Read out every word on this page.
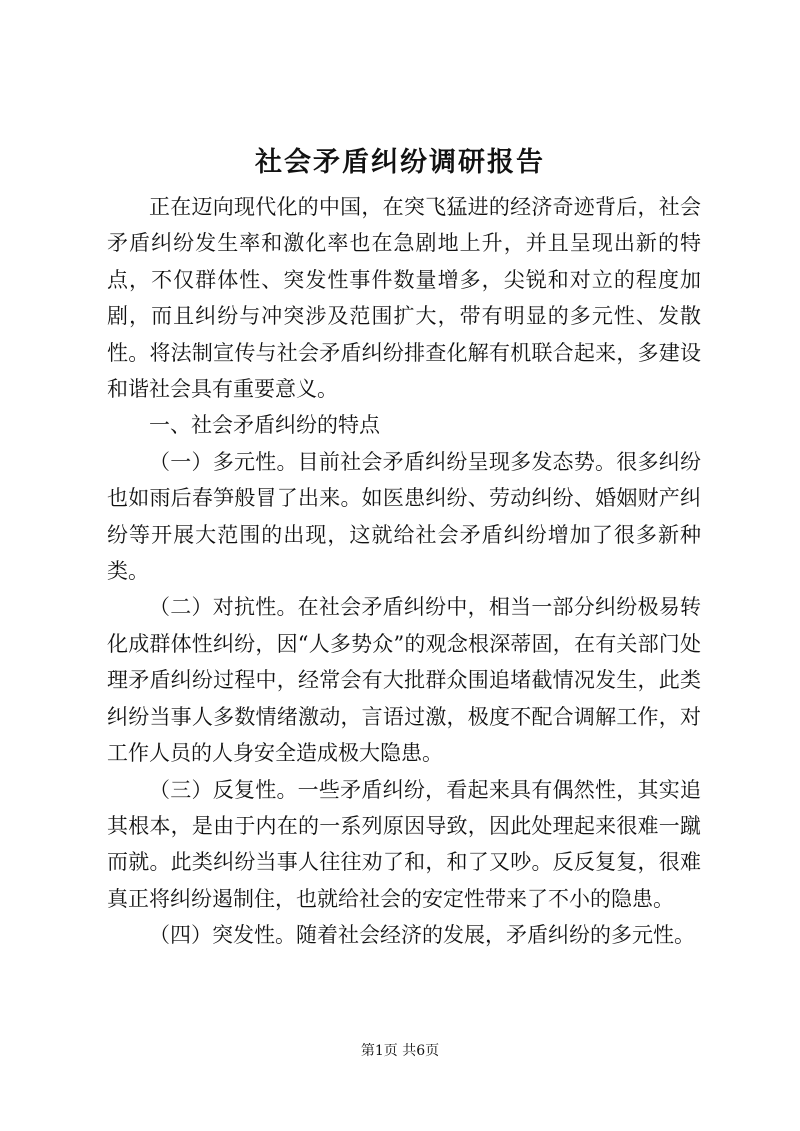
社会矛盾纠纷调研报告

正在迈向现代化的中国，在突飞猛进的经济奇迹背后，社会矛盾纠纷发生率和激化率也在急剧地上升，并且呈现出新的特点，不仅群体性、突发性事件数量增多，尖锐和对立的程度加剧，而且纠纷与冲突涉及范围扩大，带有明显的多元性、发散性。将法制宣传与社会矛盾纠纷排查化解有机联合起来，多建设和谐社会具有重要意义。

一、社会矛盾纠纷的特点

（一）多元性。目前社会矛盾纠纷呈现多发态势。很多纠纷也如雨后春笋般冒了出来。如医患纠纷、劳动纠纷、婚姻财产纠纷等开展大范围的出现，这就给社会矛盾纠纷增加了很多新种类。

（二）对抗性。在社会矛盾纠纷中，相当一部分纠纷极易转化成群体性纠纷，因“人多势众”的观念根深蒂固，在有关部门处理矛盾纠纷过程中，经常会有大批群众围追堵截情况发生，此类纠纷当事人多数情绪激动，言语过激，极度不配合调解工作，对工作人员的人身安全造成极大隐患。

（三）反复性。一些矛盾纠纷，看起来具有偶然性，其实追其根本，是由于内在的一系列原因导致，因此处理起来很难一蹴而就。此类纠纷当事人往往劝了和，和了又吵。反反复复，很难真正将纠纷遏制住，也就给社会的安定性带来了不小的隐患。

（四）突发性。随着社会经济的发展，矛盾纠纷的多元性。

第1页 共6页
